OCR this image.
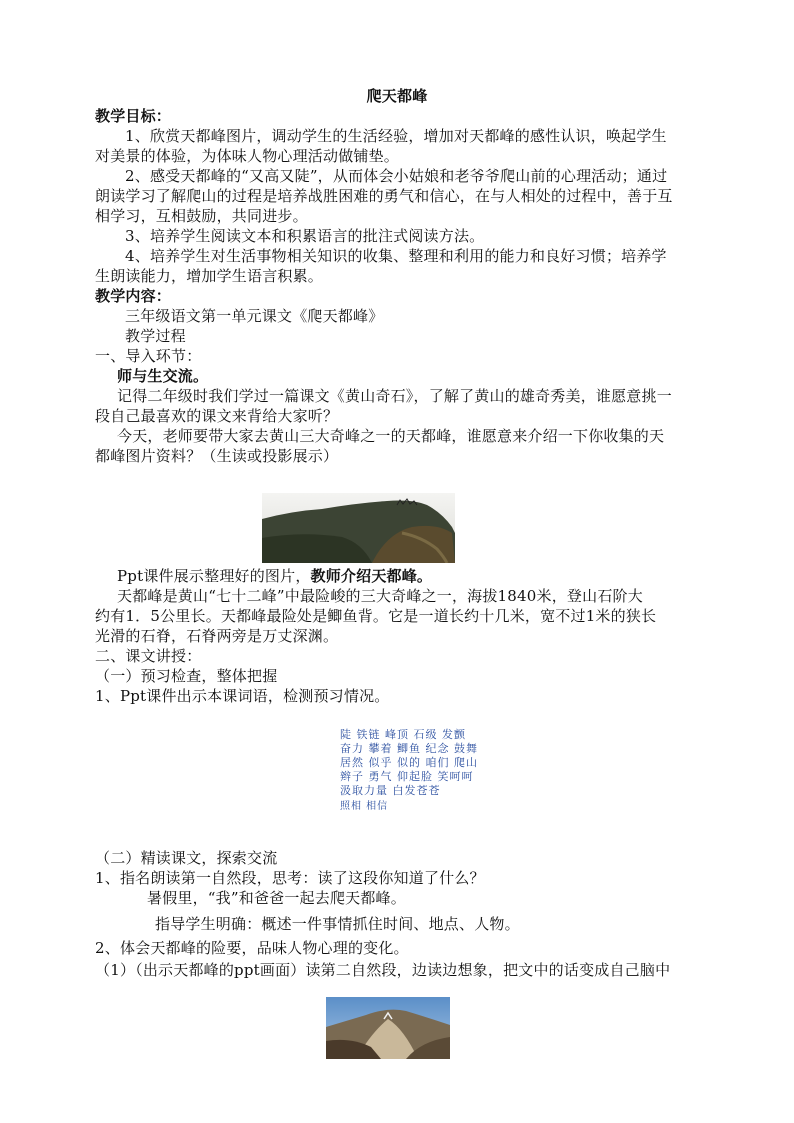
爬天都峰
教学目标：
1、欣赏天都峰图片，调动学生的生活经验，增加对天都峰的感性认识，唤起学生
对美景的体验，为体味人物心理活动做铺垫。
2、感受天都峰的“又高又陡”，从而体会小姑娘和老爷爷爬山前的心理活动；通过
朗读学习了解爬山的过程是培养战胜困难的勇气和信心，在与人相处的过程中，善于互
相学习，互相鼓励，共同进步。
3、培养学生阅读文本和积累语言的批注式阅读方法。
4、培养学生对生活事物相关知识的收集、整理和利用的能力和良好习惯；培养学
生朗读能力，增加学生语言积累。
教学内容：
三年级语文第一单元课文《爬天都峰》
教学过程
一、导入环节：
师与生交流。
记得二年级时我们学过一篇课文《黄山奇石》，了解了黄山的雄奇秀美，谁愿意挑一
段自己最喜欢的课文来背给大家听？
今天，老师要带大家去黄山三大奇峰之一的天都峰，谁愿意来介绍一下你收集的天
都峰图片资料？（生读或投影展示）
Ppt课件展示整理好的图片，教师介绍天都峰。
天都峰是黄山“七十二峰”中最险峻的三大奇峰之一，海拔1840米，登山石阶大
约有1．5公里长。天都峰最险处是鲫鱼背。它是一道长约十几米，宽不过1米的狭长
光滑的石脊，石脊两旁是万丈深渊。
二、课文讲授：
（一）预习检查，整体把握
1、Ppt课件出示本课词语，检测预习情况。
陡 铁链 峰顶 石级 发颤
奋力 攀着 鲫鱼 纪念 鼓舞
居然 似乎 似的 咱们 爬山
辫子 勇气 仰起脸 笑呵呵
汲取力量 白发苍苍
照相 相信
（二）精读课文，探索交流
1、指名朗读第一自然段，思考：读了这段你知道了什么？
暑假里，“我”和爸爸一起去爬天都峰。
指导学生明确：概述一件事情抓住时间、地点、人物。
2、体会天都峰的险要，品味人物心理的变化。
（1）（出示天都峰的ppt画面）读第二自然段，边读边想象，把文中的话变成自己脑中
